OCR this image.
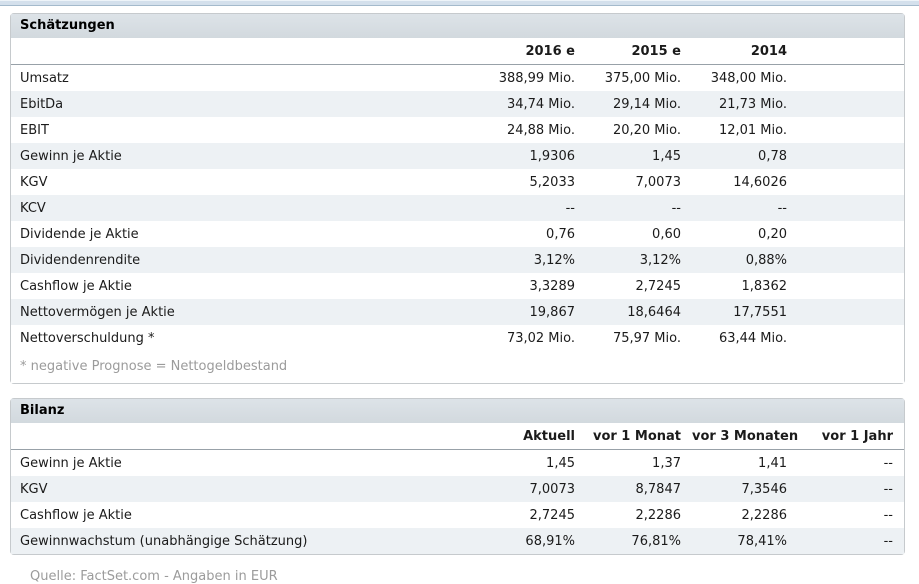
Schätzungen
	2016 e	2015 e	2014	
Umsatz	388,99 Mio.	375,00 Mio.	348,00 Mio.	
EbitDa	34,74 Mio.	29,14 Mio.	21,73 Mio.	
EBIT	24,88 Mio.	20,20 Mio.	12,01 Mio.	
Gewinn je Aktie	1,9306	1,45	0,78	
KGV	5,2033	7,0073	14,6026	
KCV	--	--	--	
Dividende je Aktie	0,76	0,60	0,20	
Dividendenrendite	3,12%	3,12%	0,88%	
Cashflow je Aktie	3,3289	2,7245	1,8362	
Nettovermögen je Aktie	19,867	18,6464	17,7551	
Nettoverschuldung *	73,02 Mio.	75,97 Mio.	63,44 Mio.	
* negative Prognose = Nettogeldbestand
Bilanz
	Aktuell	vor 1 Monat	vor 3 Monaten	vor 1 Jahr
Gewinn je Aktie	1,45	1,37	1,41	--
KGV	7,0073	8,7847	7,3546	--
Cashflow je Aktie	2,7245	2,2286	2,2286	--
Gewinnwachstum (unabhängige Schätzung)	68,91%	76,81%	78,41%	--
Quelle: FactSet.com - Angaben in EUR
